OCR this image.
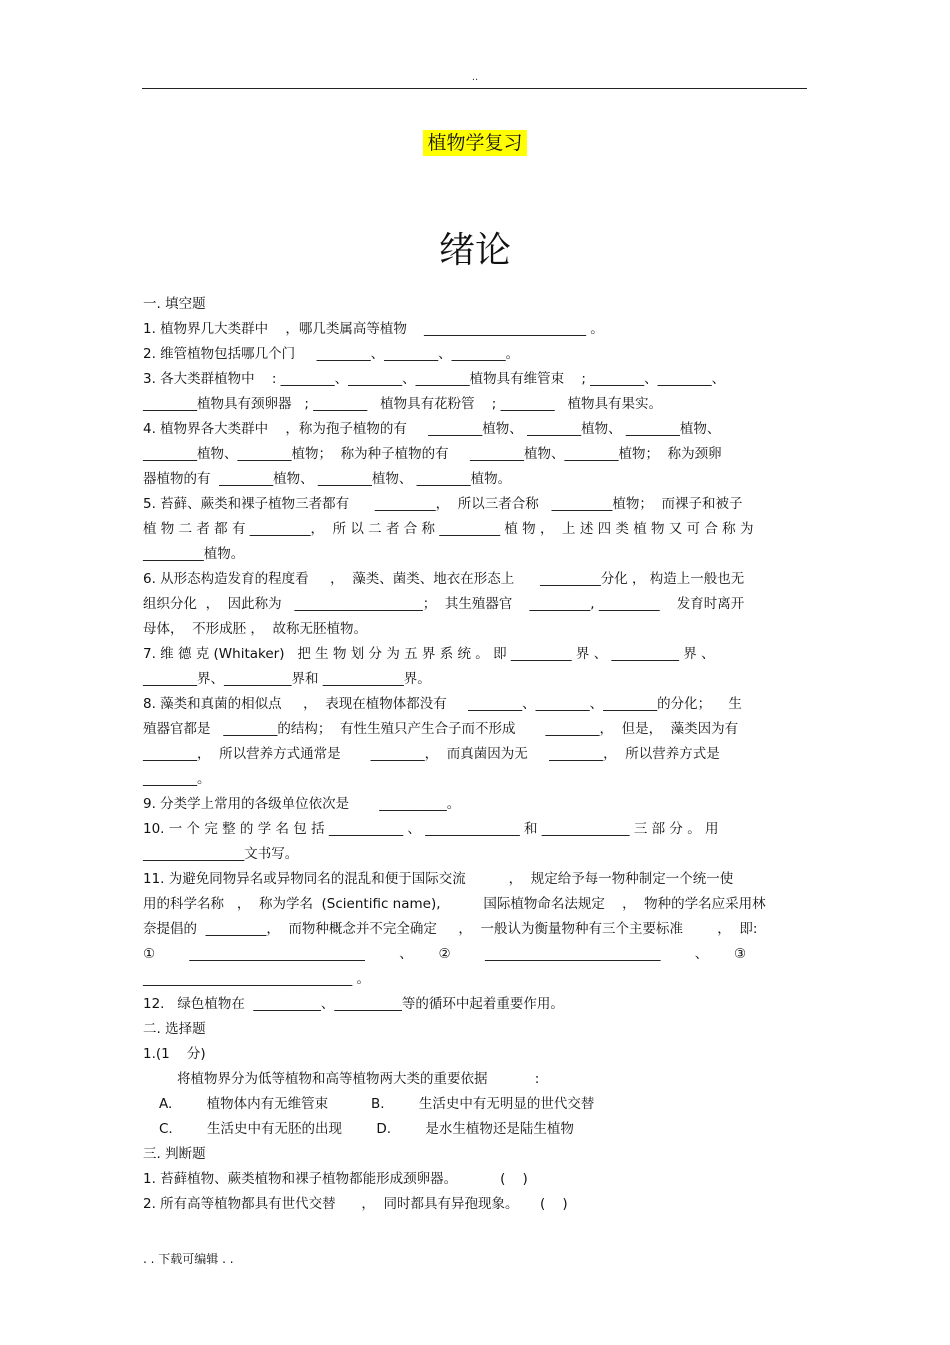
..
植物学复习
绪论
一. 填空题
1. 植物界几大类群中    ，哪几类属高等植物    ________________________ 。
2. 维管植物包括哪几个门     ________、________、________。
3. 各大类群植物中    : ________、________、________植物具有维管束    ; ________、________、
________植物具有颈卵器   ; ________   植物具有花粉管    ; ________   植物具有果实。
4. 植物界各大类群中    ，称为孢子植物的有     ________植物、 ________植物、 ________植物、
________植物、________植物；  称为种子植物的有     ________植物、________植物；  称为颈卵
器植物的有  ________植物、 ________植物、 ________植物。
5. 苔藓、蕨类和裸子植物三者都有      _________，  所以三者合称   _________植物；  而裸子和被子
植 物 二 者 都 有 _________，  所 以 二 者 合 称 _________ 植 物 ，  上 述 四 类 植 物 又 可 合 称 为
_________植物。
6. 从形态构造发育的程度看     ，  藻类、菌类、地衣在形态上      _________分化 ， 构造上一般也无
组织分化  ，  因此称为   ___________________；  其生殖器官    _________, _________    发育时离开
母体，  不形成胚 ，  故称无胚植物。
7. 维 德 克 (Whitaker)   把 生 物 划 分 为 五 界 系 统 。 即 _________ 界 、 __________ 界 、
________界、__________界和 ____________界。
8. 藻类和真菌的相似点     ，  表现在植物体都没有     ________、________、________的分化；    生
殖器官都是   ________的结构；  有性生殖只产生合子而不形成       ________，  但是，  藻类因为有
________，  所以营养方式通常是       ________，  而真菌因为无     ________，  所以营养方式是
________。
9. 分类学上常用的各级单位依次是       __________。
10. 一 个 完 整 的 学 名 包 括 ___________ 、 ______________ 和 _____________ 三 部 分 。 用
_______________文书写。
11. 为避免同物异名或异物同名的混乱和便于国际交流          ，  规定给予每一物种制定一个统一使
用的科学名称   ，  称为学名  (Scientific name),          国际植物命名法规定    ，  物种的学名应采用林
奈提倡的  _________，  而物种概念并不完全确定     ，  一般认为衡量物种有三个主要标准        ，  即:
①        __________________________        、      ②        __________________________        、      ③
_______________________________ 。
12.   绿色植物在  __________、__________等的循环中起着重要作用。
二. 选择题
1.(1    分)
将植物界分为低等植物和高等植物两大类的重要依据           :
A.        植物体内有无维管束          B.        生活史中有无明显的世代交替
C.        生活史中有无胚的出现        D.        是水生植物还是陆生植物
三. 判断题
1. 苔藓植物、蕨类植物和裸子植物都能形成颈卵器。          (    )
2. 所有高等植物都具有世代交替      ，  同时都具有异孢现象。     (    )
. . 下载可编辑 . .
